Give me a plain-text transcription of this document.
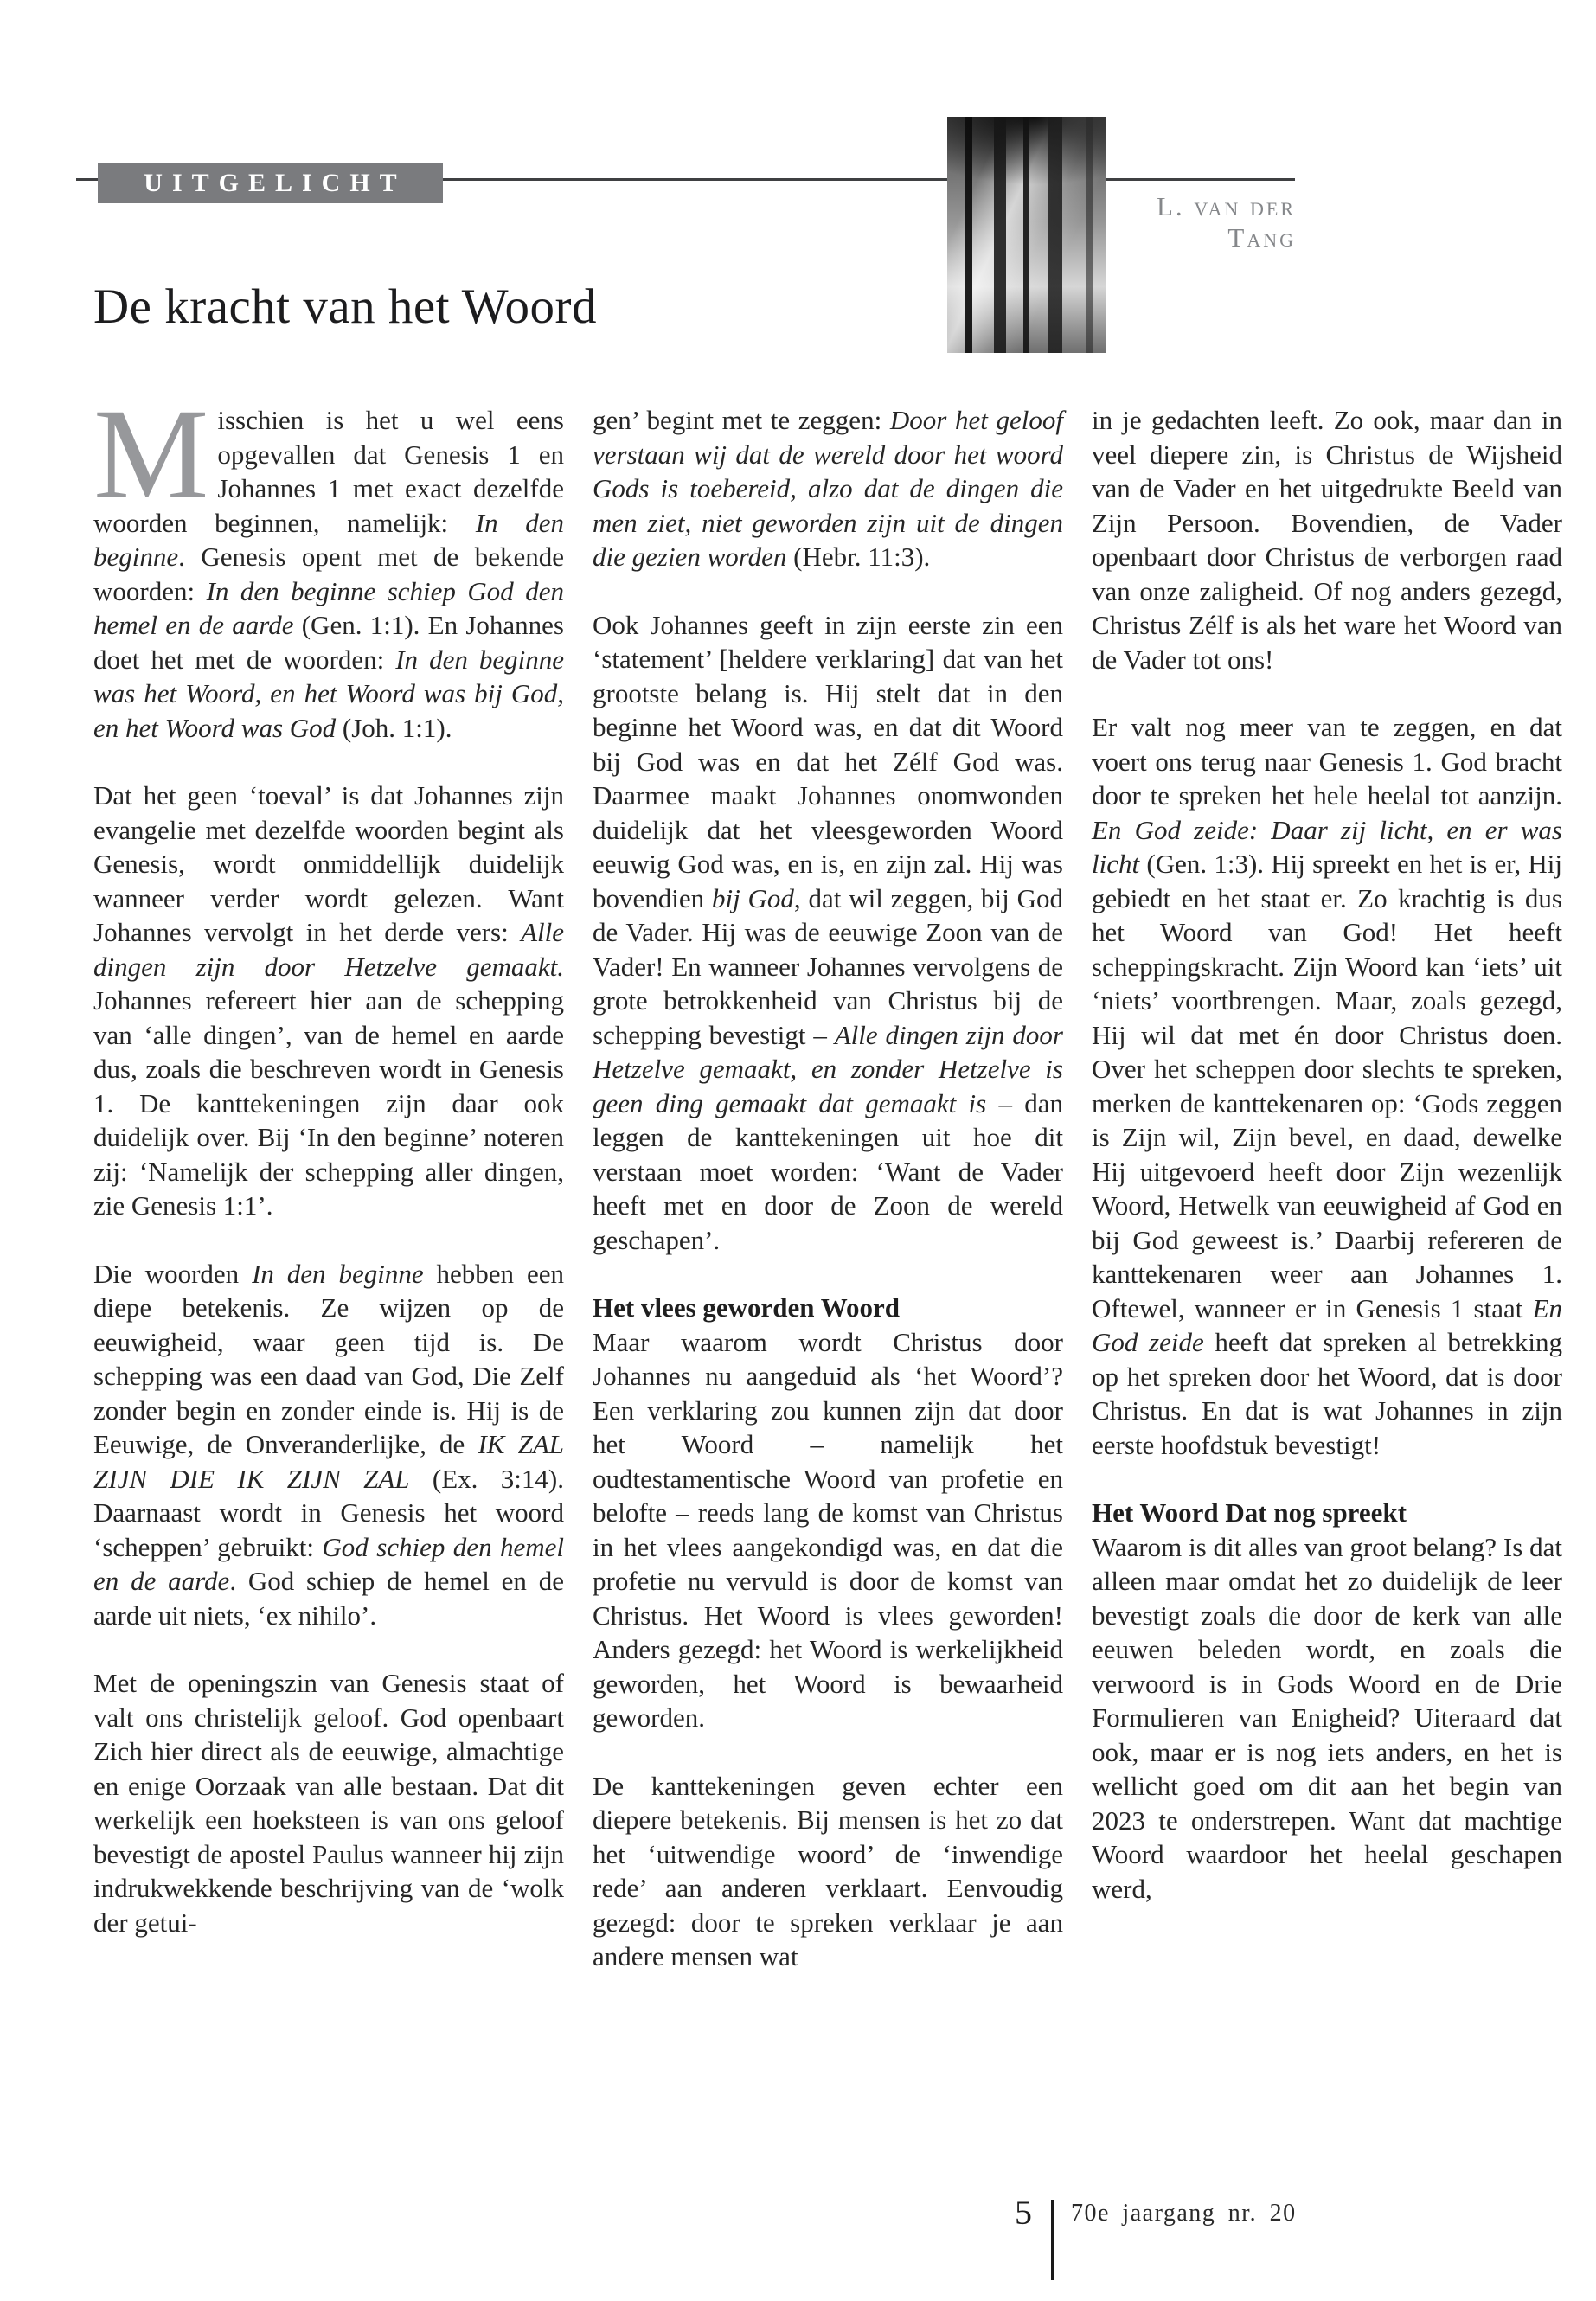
UITGELICHT
L. van der Tang
De kracht van het Woord

Misschien is het u wel eens opgevallen dat Genesis 1 en Johannes 1 met exact dezelfde woorden beginnen, namelijk: In den beginne. Genesis opent met de bekende woorden: In den beginne schiep God den hemel en de aarde (Gen. 1:1). En Johannes doet het met de woorden: In den beginne was het Woord, en het Woord was bij God, en het Woord was God (Joh. 1:1).

Dat het geen ‘toeval’ is dat Johannes zijn evangelie met dezelfde woorden begint als Genesis, wordt onmiddellijk duidelijk wanneer verder wordt gelezen. Want Johannes vervolgt in het derde vers: Alle dingen zijn door Hetzelve gemaakt. Johannes refereert hier aan de schepping van ‘alle dingen’, van de hemel en aarde dus, zoals die beschreven wordt in Genesis 1. De kanttekeningen zijn daar ook duidelijk over. Bij ‘In den beginne’ noteren zij: ‘Namelijk der schepping aller dingen, zie Genesis 1:1’.

Die woorden In den beginne hebben een diepe betekenis. Ze wijzen op de eeuwigheid, waar geen tijd is. De schepping was een daad van God, Die Zelf zonder begin en zonder einde is. Hij is de Eeuwige, de Onveranderlijke, de IK ZAL ZIJN DIE IK ZIJN ZAL (Ex. 3:14). Daarnaast wordt in Genesis het woord ‘scheppen’ gebruikt: God schiep den hemel en de aarde. God schiep de hemel en de aarde uit niets, ‘ex nihilo’.

Met de openingszin van Genesis staat of valt ons christelijk geloof. God openbaart Zich hier direct als de eeuwige, almachtige en enige Oorzaak van alle bestaan. Dat dit werkelijk een hoeksteen is van ons geloof bevestigt de apostel Paulus wanneer hij zijn indrukwekkende beschrijving van de ‘wolk der getui-

gen’ begint met te zeggen: Door het geloof verstaan wij dat de wereld door het woord Gods is toebereid, alzo dat de dingen die men ziet, niet geworden zijn uit de dingen die gezien worden (Hebr. 11:3).

Ook Johannes geeft in zijn eerste zin een ‘statement’ [heldere verklaring] dat van het grootste belang is. Hij stelt dat in den beginne het Woord was, en dat dit Woord bij God was en dat het Zélf God was. Daarmee maakt Johannes onomwonden duidelijk dat het vleesgeworden Woord eeuwig God was, en is, en zijn zal. Hij was bovendien bij God, dat wil zeggen, bij God de Vader. Hij was de eeuwige Zoon van de Vader! En wanneer Johannes vervolgens de grote betrokkenheid van Christus bij de schepping bevestigt – Alle dingen zijn door Hetzelve gemaakt, en zonder Hetzelve is geen ding gemaakt dat gemaakt is – dan leggen de kanttekeningen uit hoe dit verstaan moet worden: ‘Want de Vader heeft met en door de Zoon de wereld geschapen’.

Het vlees geworden Woord

Maar waarom wordt Christus door Johannes nu aangeduid als ‘het Woord’? Een verklaring zou kunnen zijn dat door het Woord – namelijk het oudtestamentische Woord van profetie en belofte – reeds lang de komst van Christus in het vlees aangekondigd was, en dat die profetie nu vervuld is door de komst van Christus. Het Woord is vlees geworden! Anders gezegd: het Woord is werkelijkheid geworden, het Woord is bewaarheid geworden.

De kanttekeningen geven echter een diepere betekenis. Bij mensen is het zo dat het ‘uitwendige woord’ de ‘inwendige rede’ aan anderen verklaart. Eenvoudig gezegd: door te spreken verklaar je aan andere mensen wat

in je gedachten leeft. Zo ook, maar dan in veel diepere zin, is Christus de Wijsheid van de Vader en het uitgedrukte Beeld van Zijn Persoon. Bovendien, de Vader openbaart door Christus de verborgen raad van onze zaligheid. Of nog anders gezegd, Christus Zélf is als het ware het Woord van de Vader tot ons!

Er valt nog meer van te zeggen, en dat voert ons terug naar Genesis 1. God bracht door te spreken het hele heelal tot aanzijn. En God zeide: Daar zij licht, en er was licht (Gen. 1:3). Hij spreekt en het is er, Hij gebiedt en het staat er. Zo krachtig is dus het Woord van God! Het heeft scheppingskracht. Zijn Woord kan ‘iets’ uit ‘niets’ voortbrengen. Maar, zoals gezegd, Hij wil dat met én door Christus doen. Over het scheppen door slechts te spreken, merken de kanttekenaren op: ‘Gods zeggen is Zijn wil, Zijn bevel, en daad, dewelke Hij uitgevoerd heeft door Zijn wezenlijk Woord, Hetwelk van eeuwigheid af God en bij God geweest is.’ Daarbij refereren de kanttekenaren weer aan Johannes 1. Oftewel, wanneer er in Genesis 1 staat En God zeide heeft dat spreken al betrekking op het spreken door het Woord, dat is door Christus. En dat is wat Johannes in zijn eerste hoofdstuk bevestigt!

Het Woord Dat nog spreekt

Waarom is dit alles van groot belang? Is dat alleen maar omdat het zo duidelijk de leer bevestigt zoals die door de kerk van alle eeuwen beleden wordt, en zoals die verwoord is in Gods Woord en de Drie Formulieren van Enigheid? Uiteraard dat ook, maar er is nog iets anders, en het is wellicht goed om dit aan het begin van 2023 te onderstrepen. Want dat machtige Woord waardoor het heelal geschapen werd,

5 70e jaargang nr. 20
